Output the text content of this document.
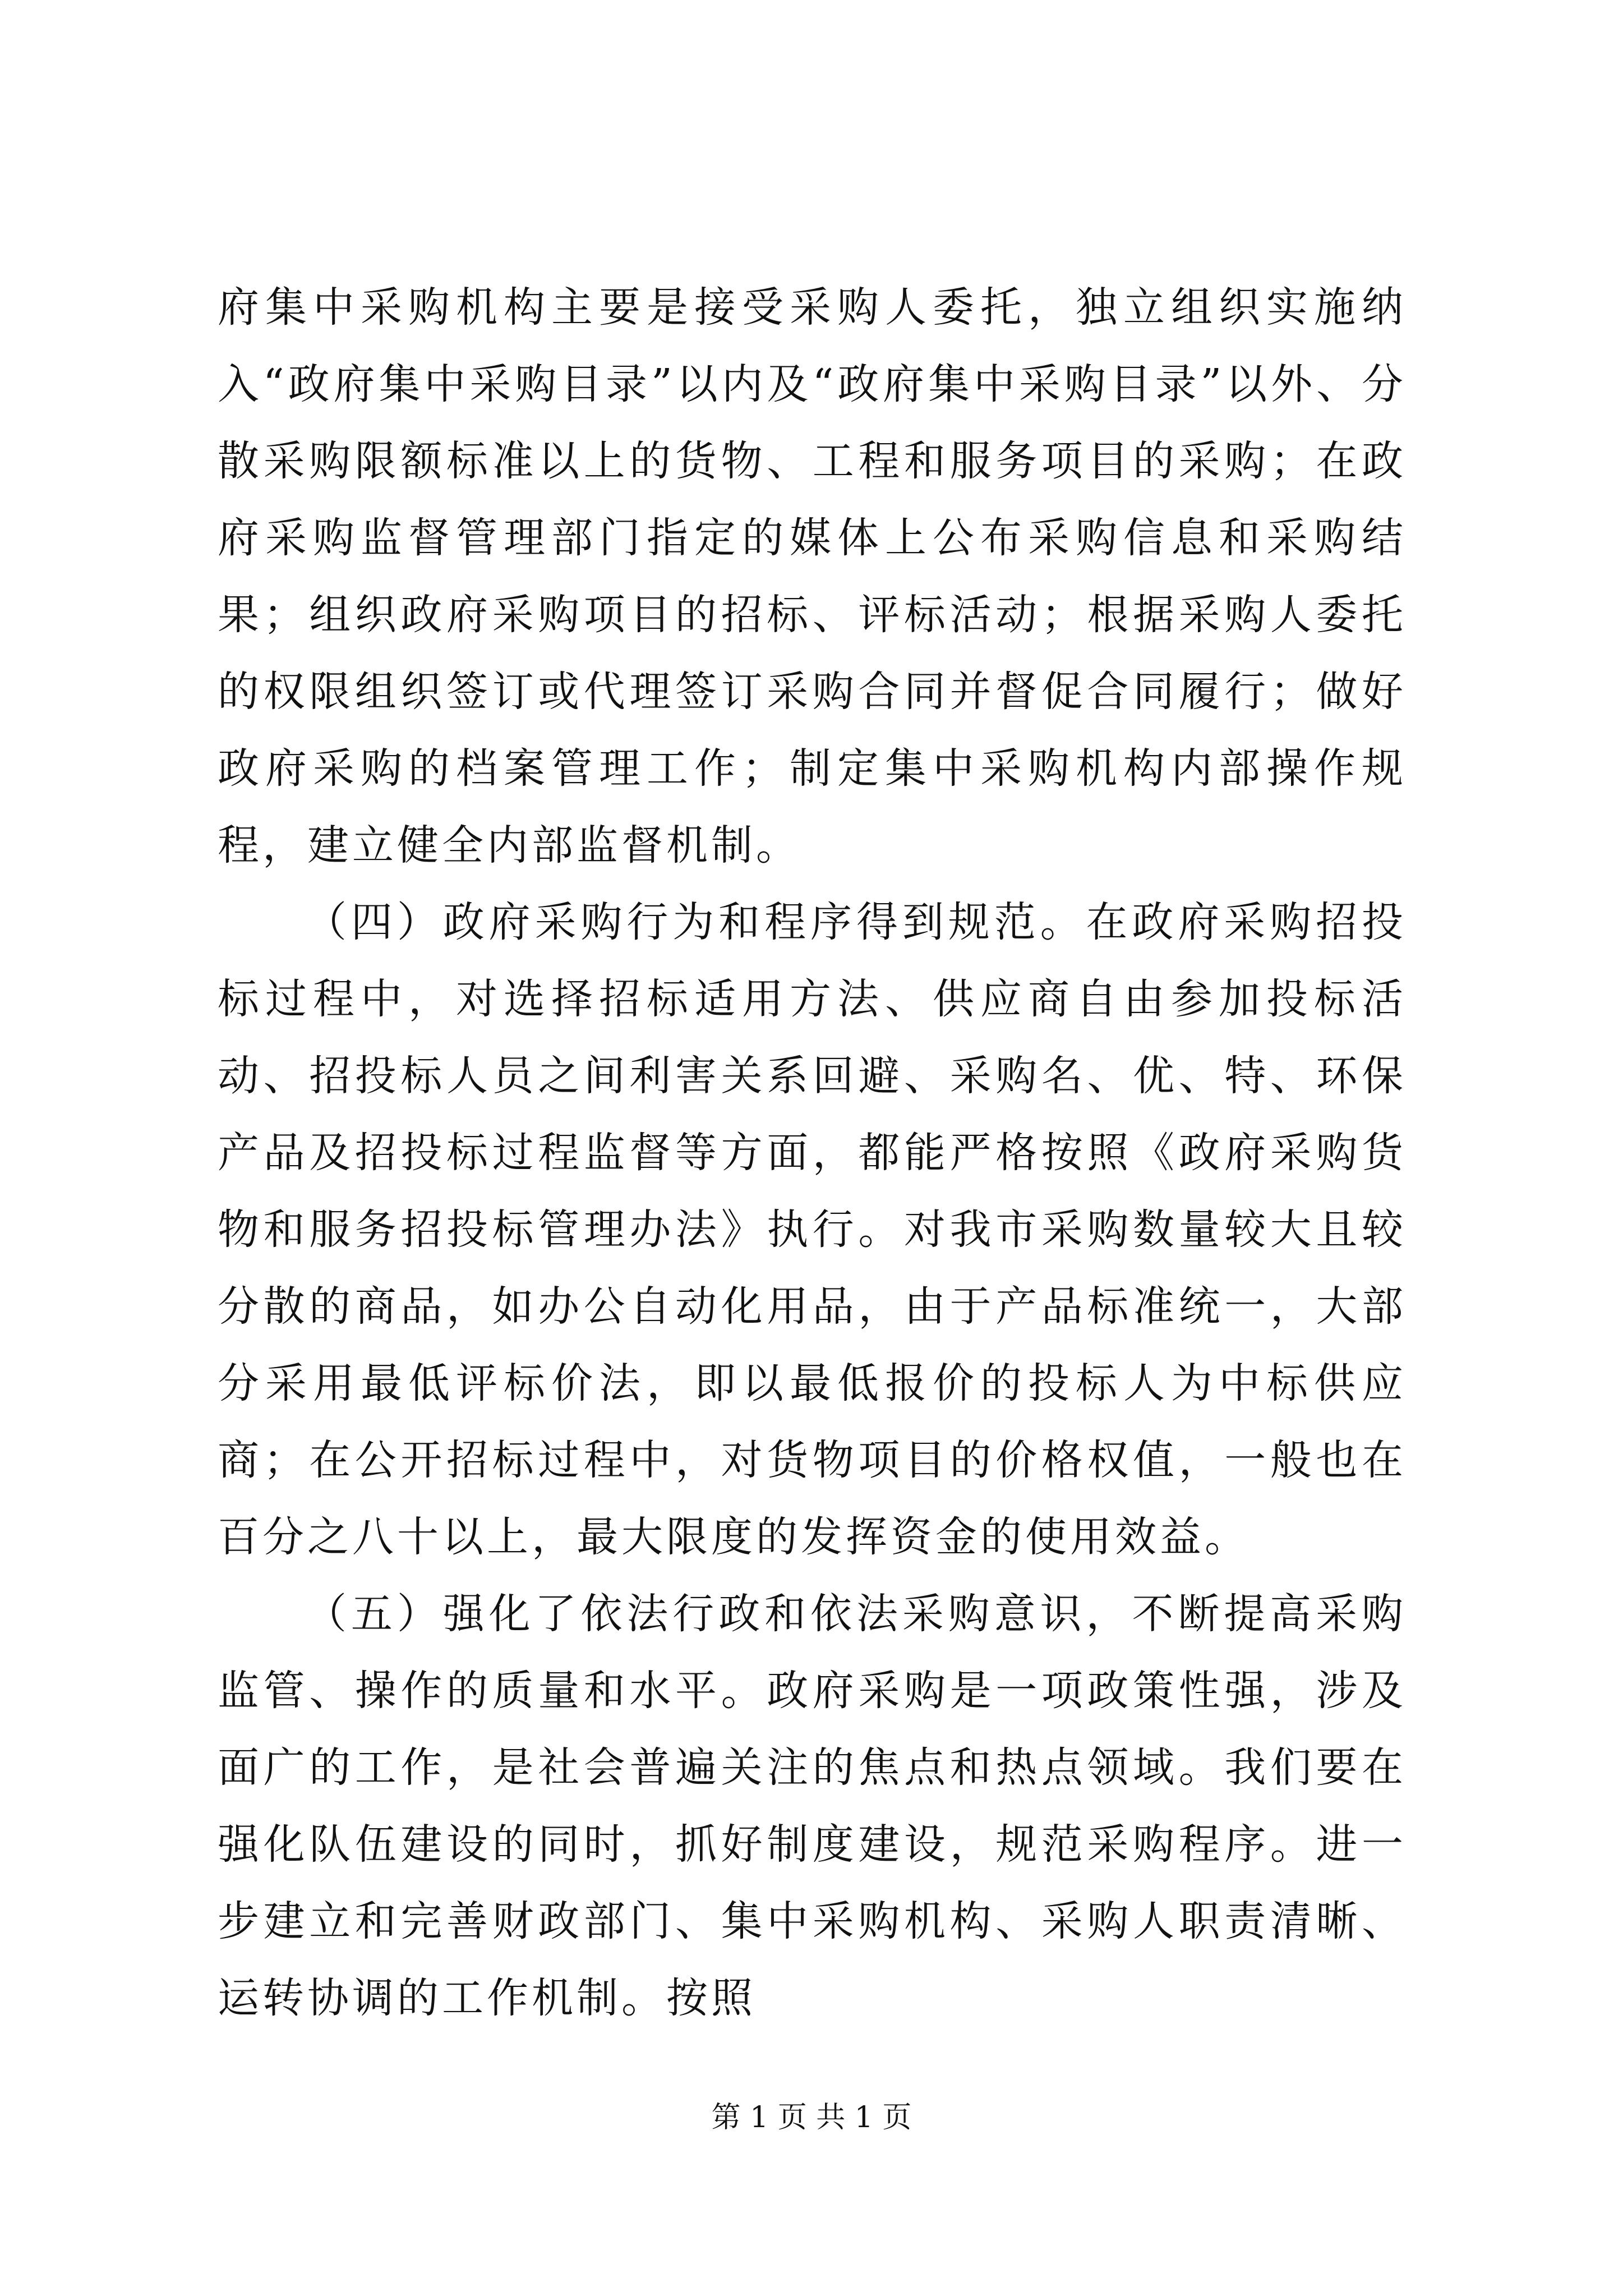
府集中采购机构主要是接受采购人委托，独立组织实施纳入“政府集中采购目录”以内及“政府集中采购目录”以外、分散采购限额标准以上的货物、工程和服务项目的采购；在政府采购监督管理部门指定的媒体上公布采购信息和采购结果；组织政府采购项目的招标、评标活动；根据采购人委托的权限组织签订或代理签订采购合同并督促合同履行；做好政府采购的档案管理工作；制定集中采购机构内部操作规程，建立健全内部监督机制。

（四）政府采购行为和程序得到规范。在政府采购招投标过程中，对选择招标适用方法、供应商自由参加投标活动、招投标人员之间利害关系回避、采购名、优、特、环保产品及招投标过程监督等方面，都能严格按照《政府采购货物和服务招投标管理办法》执行。对我市采购数量较大且较分散的商品，如办公自动化用品，由于产品标准统一，大部分采用最低评标价法，即以最低报价的投标人为中标供应商；在公开招标过程中，对货物项目的价格权值，一般也在百分之八十以上，最大限度的发挥资金的使用效益。

（五）强化了依法行政和依法采购意识，不断提高采购监管、操作的质量和水平。政府采购是一项政策性强，涉及面广的工作，是社会普遍关注的焦点和热点领域。我们要在强化队伍建设的同时，抓好制度建设，规范采购程序。进一步建立和完善财政部门、集中采购机构、采购人职责清晰、运转协调的工作机制。按照

第 1 页 共 1 页
